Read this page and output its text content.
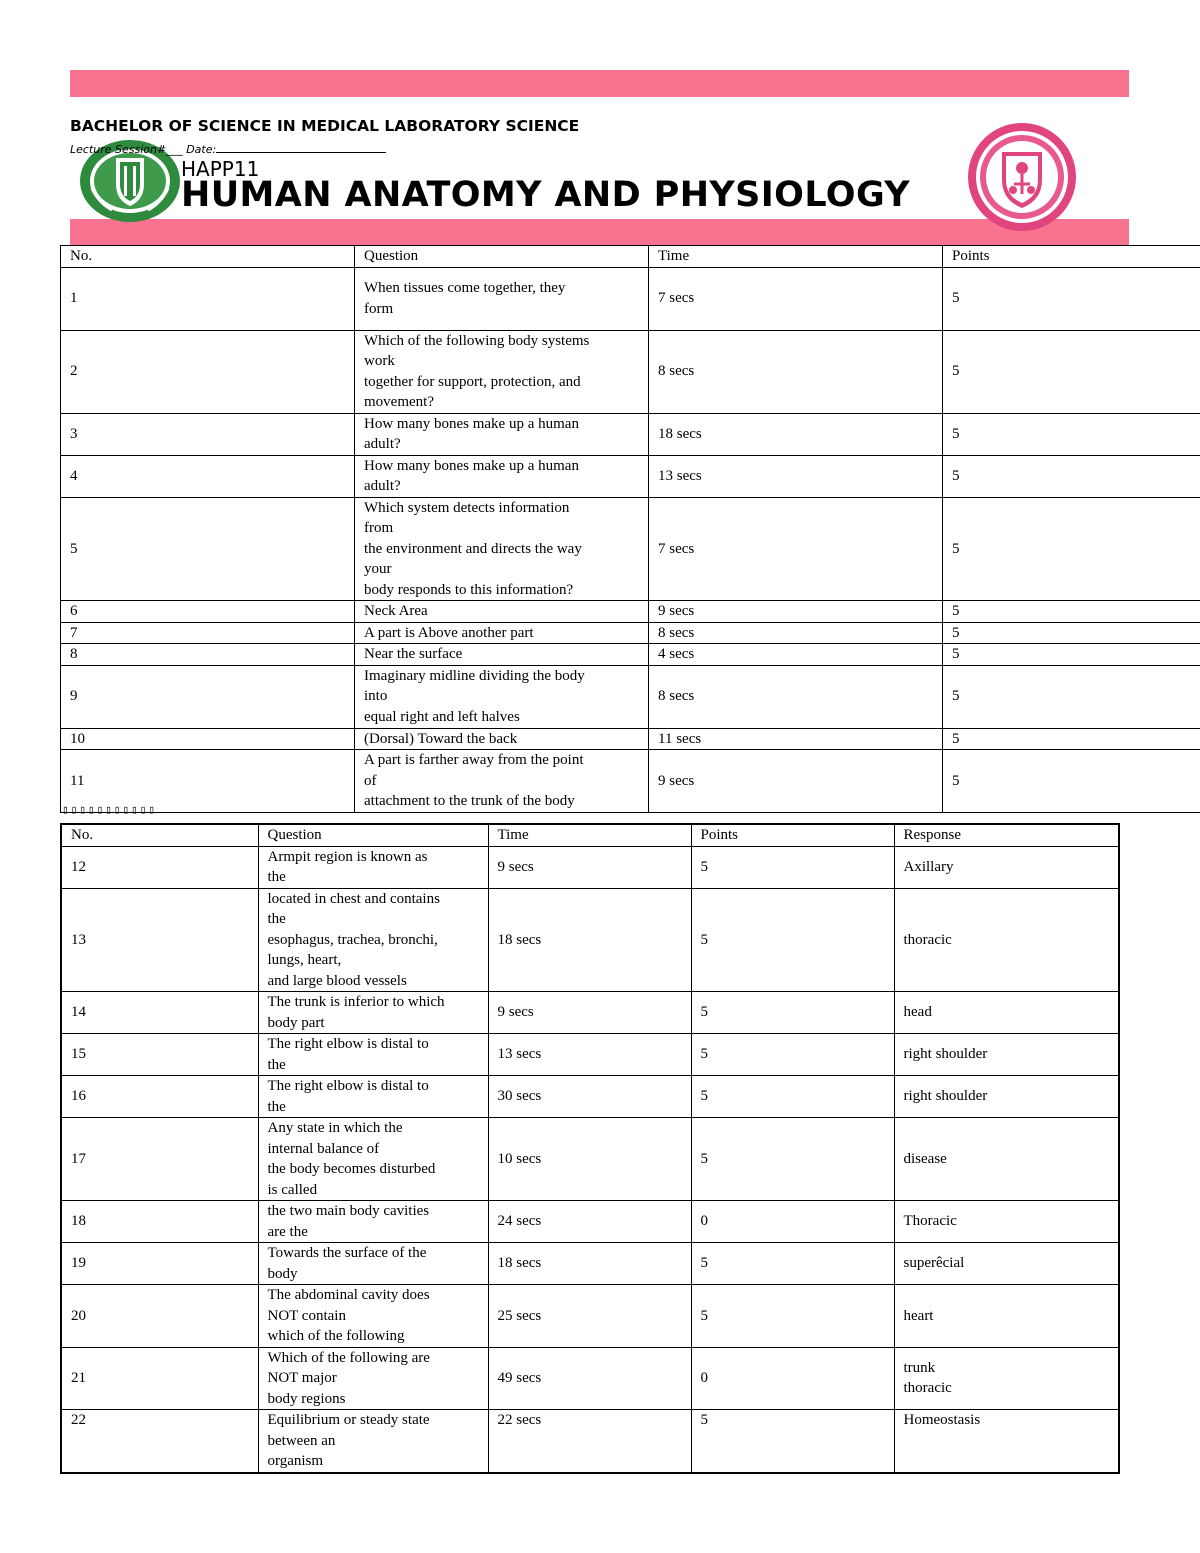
BACHELOR OF SCIENCE IN MEDICAL LABORATORY SCIENCE
Lecture Session#___ Date:
HAPP11
HUMAN ANATOMY AND PHYSIOLOGY
No.	Question	Time	Points
1	When tissues come together, they
form	7 secs	5
2	Which of the following body systems
work
together for support, protection, and
movement?	8 secs	5
3	How many bones make up a human
adult?	18 secs	5
4	How many bones make up a human
adult?	13 secs	5
5	Which system detects information
from
the environment and directs the way
your
body responds to this information?	7 secs	5
6	Neck Area	9 secs	5
7	A part is Above another part	8 secs	5
8	Near the surface	4 secs	5
9	Imaginary midline dividing the body
into
equal right and left halves	8 secs	5
10	(Dorsal) Toward the back	11 secs	5
11	A part is farther away from the point
of
attachment to the trunk of the body	9 secs	5
▯▯▯▯▯▯▯▯▯▯▯
No.	Question	Time	Points	Response
12	Armpit region is known as
the	9 secs	5	Axillary
13	located in chest and contains
the
esophagus, trachea, bronchi,
lungs, heart,
and large blood vessels	18 secs	5	thoracic
14	The trunk is inferior to which
body part	9 secs	5	head
15	The right elbow is distal to
the	13 secs	5	right shoulder
16	The right elbow is distal to
the	30 secs	5	right shoulder
17	Any state in which the
internal balance of
the body becomes disturbed
is called	10 secs	5	disease
18	the two main body cavities
are the	24 secs	0	Thoracic
19	Towards the surface of the
body	18 secs	5	superêcial
20	The abdominal cavity does
NOT contain
which of the following	25 secs	5	heart
21	Which of the following are
NOT major
body regions	49 secs	0	trunk
thoracic
22	Equilibrium or steady state
between an
organism	22 secs	5	Homeostasis
